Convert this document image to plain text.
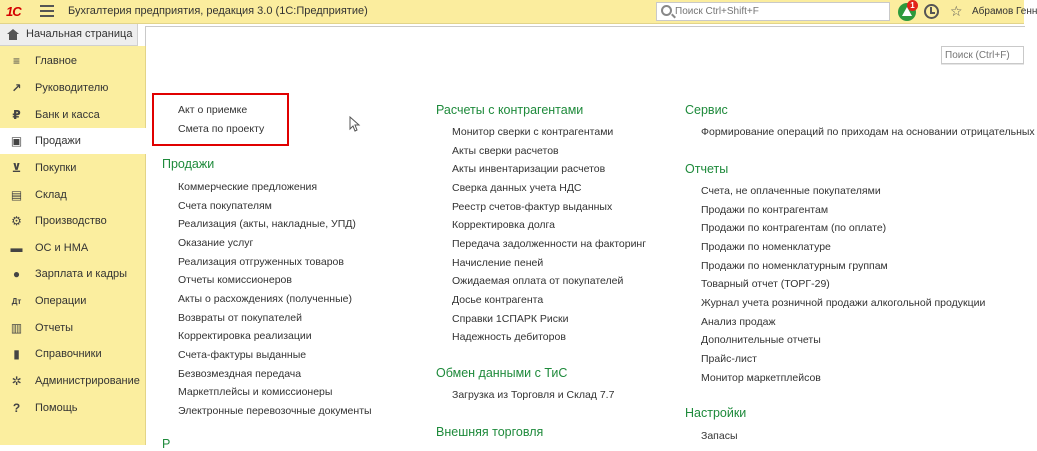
1С	Бухгалтерия предприятия, редакция 3.0 (1С:Предприятие)
Поиск Ctrl+Shift+F	1	☆ Абрамов Генн
Начальная страница
≡ Главное
↗ Руководителю
₽ Банк и касса
▣ Продажи
⊻ Покупки
▤ Склад
⚙ Производство
▬ ОС и НМА
● Зарплата и кадры
Дт Операции
▥ Отчеты
▮ Справочники
✲ Администрирование
? Помощь
Поиск (Ctrl+F)
Акт о приемке
Смета по проекту
Продажи
Коммерческие предложения
Счета покупателям
Реализация (акты, накладные, УПД)
Оказание услуг
Реализация отгруженных товаров
Отчеты комиссионеров
Акты о расхождениях (полученные)
Возвраты от покупателей
Корректировка реализации
Счета-фактуры выданные
Безвозмездная передача
Маркетплейсы и комиссионеры
Электронные перевозочные документы
Р
Расчеты с контрагентами
Монитор сверки с контрагентами
Акты сверки расчетов
Акты инвентаризации расчетов
Сверка данных учета НДС
Реестр счетов-фактур выданных
Корректировка долга
Передача задолженности на факторинг
Начисление пеней
Ожидаемая оплата от покупателей
Досье контрагента
Справки 1СПАРК Риски
Надежность дебиторов
Обмен данными с ТиС
Загрузка из Торговля и Склад 7.7
Внешняя торговля
Сервис
Формирование операций по приходам на основании отрицательных
Отчеты
Счета, не оплаченные покупателями
Продажи по контрагентам
Продажи по контрагентам (по оплате)
Продажи по номенклатуре
Продажи по номенклатурным группам
Товарный отчет (ТОРГ-29)
Журнал учета розничной продажи алкогольной продукции
Анализ продаж
Дополнительные отчеты
Прайс-лист
Монитор маркетплейсов
Настройки
Запасы
